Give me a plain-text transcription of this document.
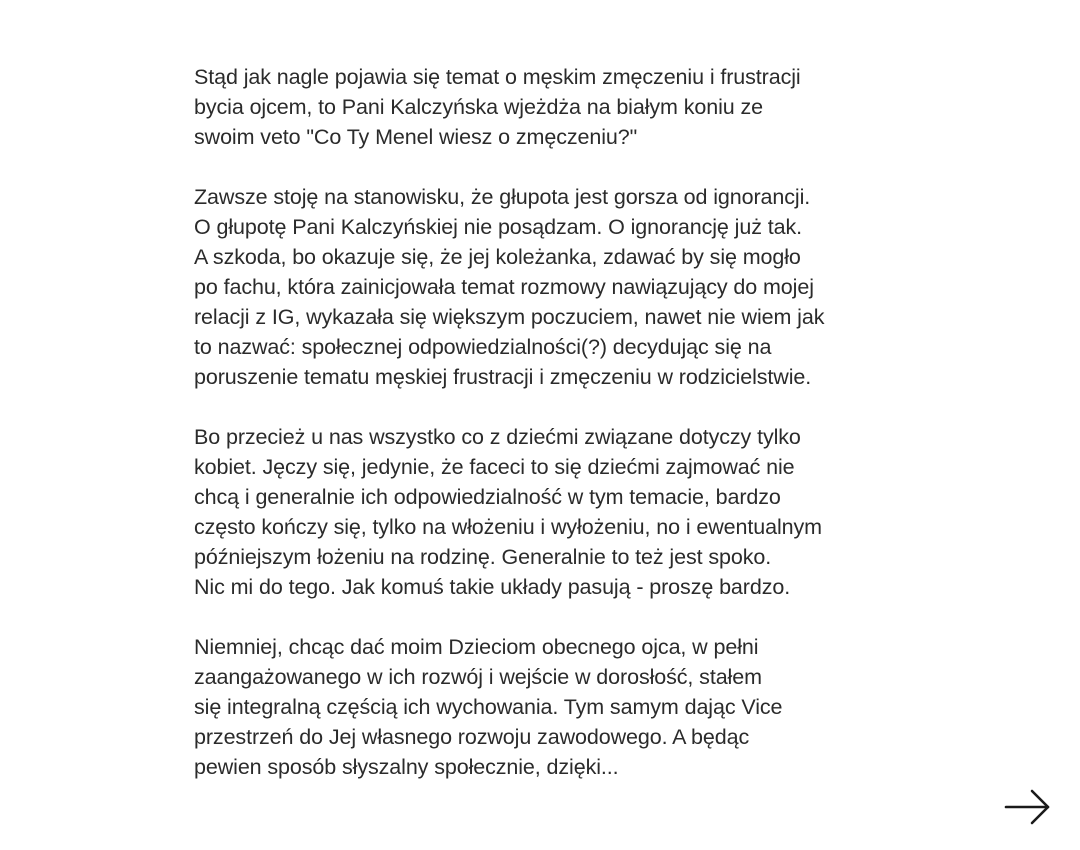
Stąd jak nagle pojawia się temat o męskim zmęczeniu i frustracji
bycia ojcem, to Pani Kalczyńska wjeżdża na białym koniu ze
swoim veto "Co Ty Menel wiesz o zmęczeniu?"

Zawsze stoję na stanowisku, że głupota jest gorsza od ignorancji.
O głupotę Pani Kalczyńskiej nie posądzam. O ignorancję już tak.
A szkoda, bo okazuje się, że jej koleżanka, zdawać by się mogło
po fachu, która zainicjowała temat rozmowy nawiązujący do mojej
relacji z IG, wykazała się większym poczuciem, nawet nie wiem jak
to nazwać: społecznej odpowiedzialności(?) decydując się na
poruszenie tematu męskiej frustracji i zmęczeniu w rodzicielstwie.

Bo przecież u nas wszystko co z dziećmi związane dotyczy tylko
kobiet. Jęczy się, jedynie, że faceci to się dziećmi zajmować nie
chcą i generalnie ich odpowiedzialność w tym temacie, bardzo
często kończy się, tylko na włożeniu i wyłożeniu, no i ewentualnym
późniejszym łożeniu na rodzinę. Generalnie to też jest spoko.
Nic mi do tego. Jak komuś takie układy pasują - proszę bardzo.

Niemniej, chcąc dać moim Dzieciom obecnego ojca, w pełni
zaangażowanego w ich rozwój i wejście w dorosłość, stałem
się integralną częścią ich wychowania. Tym samym dając Vice
przestrzeń do Jej własnego rozwoju zawodowego. A będąc
pewien sposób słyszalny społecznie, dzięki...
